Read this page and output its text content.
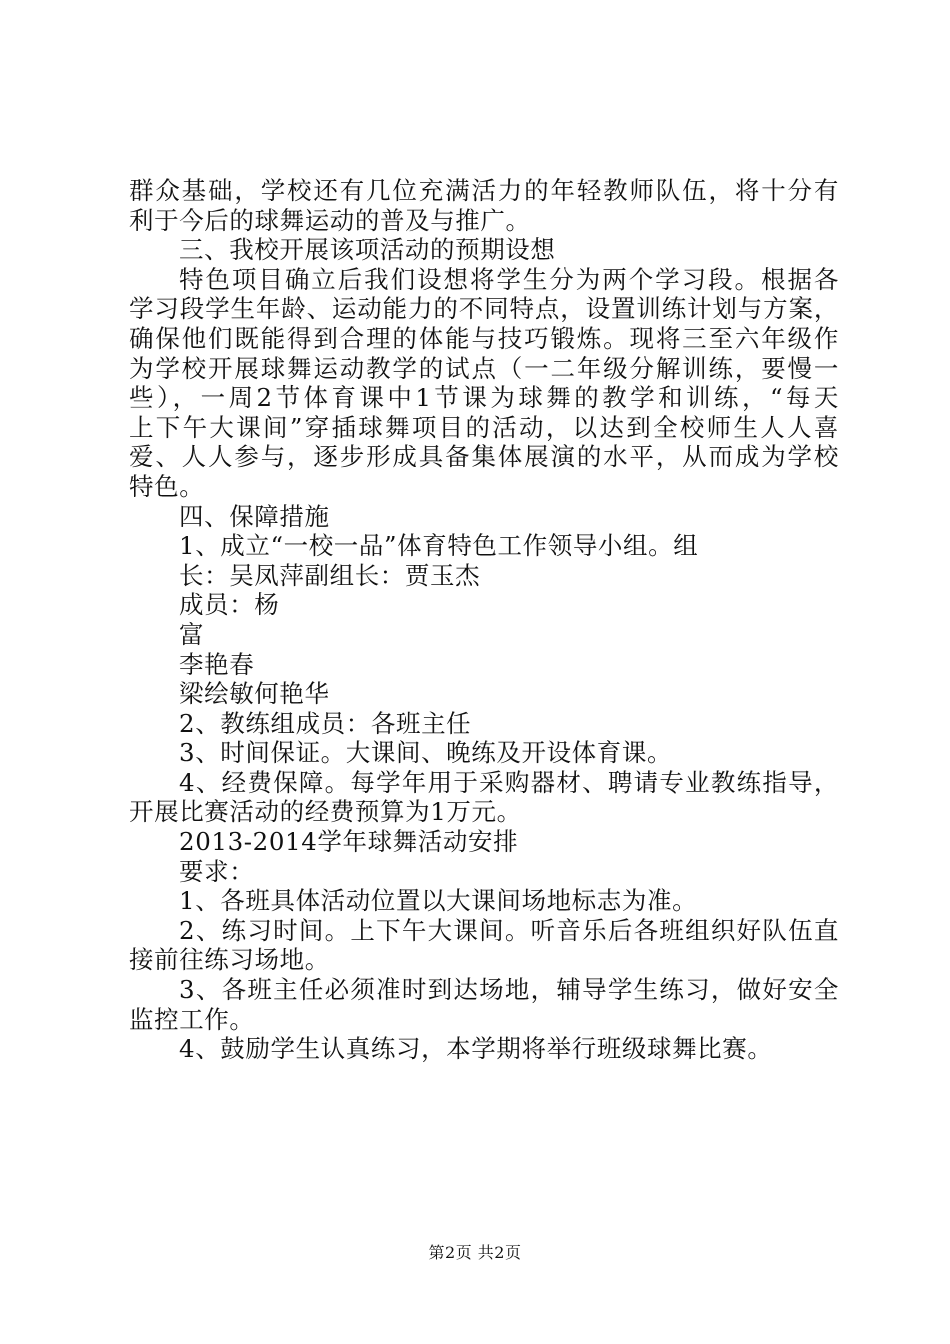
群众基础，学校还有几位充满活力的年轻教师队伍，将十分有
利于今后的球舞运动的普及与推广。
三、我校开展该项活动的预期设想
特色项目确立后我们设想将学生分为两个学习段。根据各
学习段学生年龄、运动能力的不同特点，设置训练计划与方案，
确保他们既能得到合理的体能与技巧锻炼。现将三至六年级作
为学校开展球舞运动教学的试点（一二年级分解训练，要慢一
些），一周2节体育课中1节课为球舞的教学和训练，“每天
上下午大课间”穿插球舞项目的活动，以达到全校师生人人喜
爱、人人参与，逐步形成具备集体展演的水平，从而成为学校
特色。
四、保障措施
1、成立“一校一品”体育特色工作领导小组。组
长：吴凤萍副组长：贾玉杰
成员：杨
富
李艳春
梁绘敏何艳华
2、教练组成员：各班主任
3、时间保证。大课间、晚练及开设体育课。
4、经费保障。每学年用于采购器材、聘请专业教练指导，
开展比赛活动的经费预算为1万元。
2013-2014学年球舞活动安排
要求：
1、各班具体活动位置以大课间场地标志为准。
2、练习时间。上下午大课间。听音乐后各班组织好队伍直
接前往练习场地。
3、各班主任必须准时到达场地，辅导学生练习，做好安全
监控工作。
4、鼓励学生认真练习，本学期将举行班级球舞比赛。
第2页 共2页
